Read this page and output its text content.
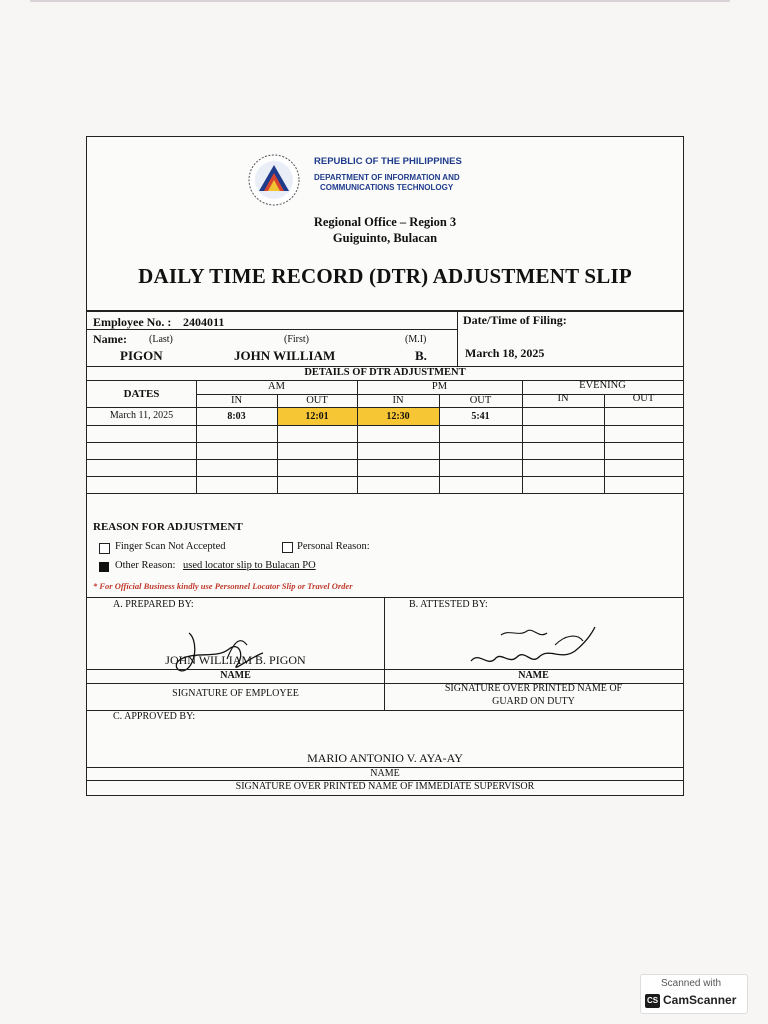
REPUBLIC OF THE PHILIPPINES
DEPARTMENT OF INFORMATION AND
COMMUNICATIONS TECHNOLOGY
Regional Office – Region 3
Guiguinto, Bulacan
DAILY TIME RECORD (DTR) ADJUSTMENT SLIP
Employee No. : 2404011	Date/Time of Filing:
Name: (Last)	(First)	(M.I)
PIGON	JOHN WILLIAM	B.	March 18, 2025
DETAILS OF DTR ADJUSTMENT
DATES
AM	PM	EVENING
IN	OUT	IN	OUT	IN	OUT
March 11, 2025	8:03	12:01	12:30	5:41
REASON FOR ADJUSTMENT
Finger Scan Not Accepted	Personal Reason:
Other Reason: used locator slip to Bulacan PO
* For Official Business kindly use Personnel Locator Slip or Travel Order
A. PREPARED BY:	B. ATTESTED BY:
JOHN WILLIAM B. PIGON
NAME	NAME
SIGNATURE OF EMPLOYEE	SIGNATURE OVER PRINTED NAME OF
GUARD ON DUTY
C. APPROVED BY:
MARIO ANTONIO V. AYA-AY
NAME
SIGNATURE OVER PRINTED NAME OF IMMEDIATE SUPERVISOR
Scanned with
CS CamScanner
